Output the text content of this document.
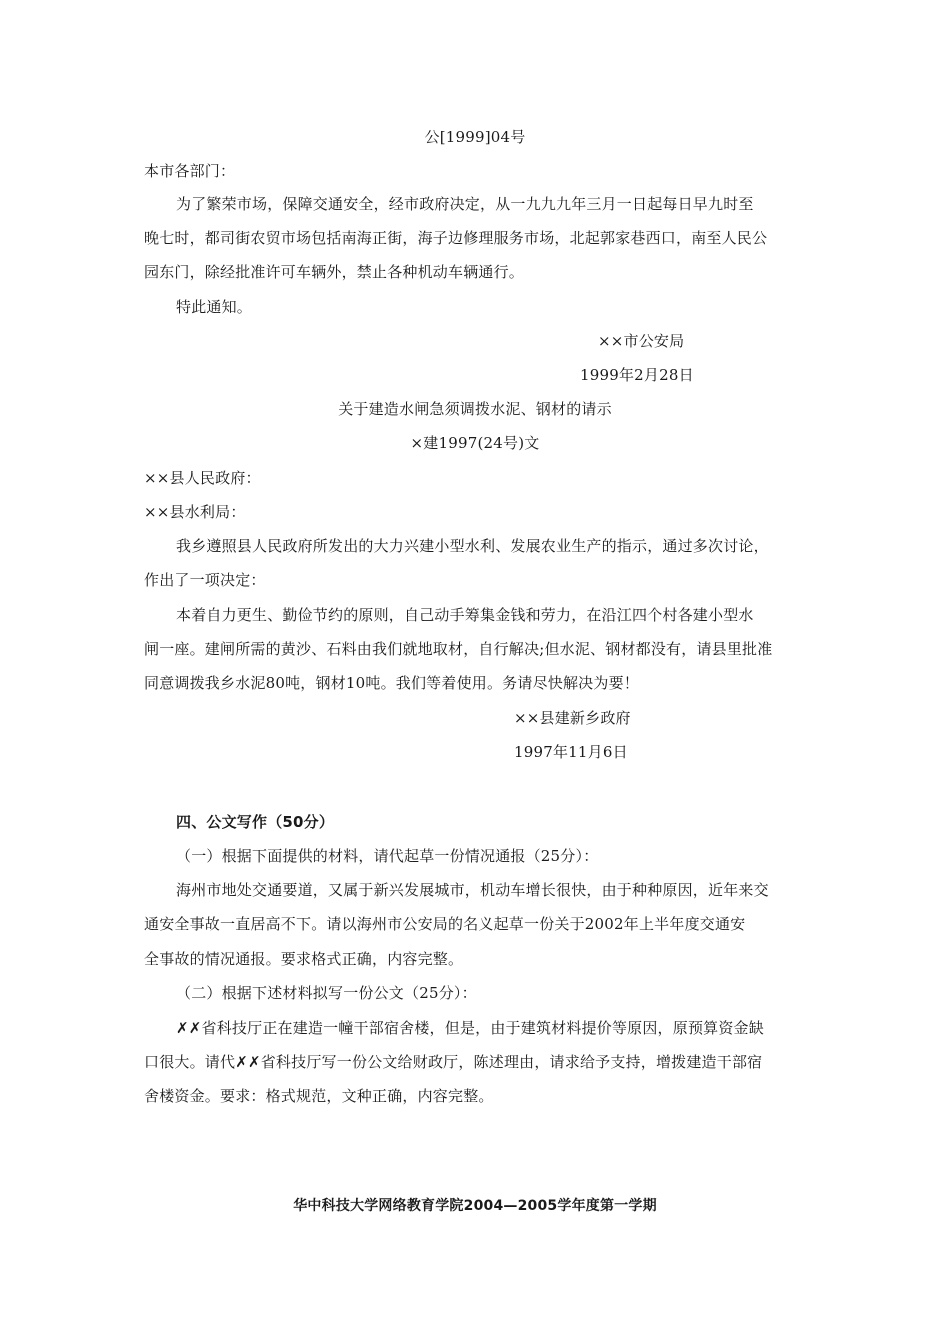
公[1999]04号
本市各部门：
为了繁荣市场，保障交通安全，经市政府决定，从一九九九年三月一日起每日早九时至
晚七时，都司街农贸市场包括南海正街，海子边修理服务市场，北起郭家巷西口，南至人民公
园东门，除经批准许可车辆外，禁止各种机动车辆通行。
特此通知。
××市公安局
1999年2月28日
关于建造水闸急须调拨水泥、钢材的请示
×建1997(24号)文
××县人民政府：
××县水利局：
我乡遵照县人民政府所发出的大力兴建小型水利、发展农业生产的指示，通过多次讨论，
作出了一项决定：
本着自力更生、勤俭节约的原则，自己动手筹集金钱和劳力，在沿江四个村各建小型水
闸一座。建闸所需的黄沙、石料由我们就地取材，自行解决;但水泥、钢材都没有，请县里批准
同意调拨我乡水泥80吨，钢材10吨。我们等着使用。务请尽快解决为要！
××县建新乡政府
1997年11月6日
四、公文写作（50分）
（一）根据下面提供的材料，请代起草一份情况通报（25分）：
海州市地处交通要道，又属于新兴发展城市，机动车增长很快，由于种种原因，近年来交
通安全事故一直居高不下。请以海州市公安局的名义起草一份关于2002年上半年度交通安
全事故的情况通报。要求格式正确，内容完整。
（二）根据下述材料拟写一份公文（25分）：
✗✗省科技厅正在建造一幢干部宿舍楼，但是，由于建筑材料提价等原因，原预算资金缺
口很大。请代✗✗省科技厅写一份公文给财政厅，陈述理由，请求给予支持，增拨建造干部宿
舍楼资金。要求：格式规范，文种正确，内容完整。
华中科技大学网络教育学院2004—2005学年度第一学期
